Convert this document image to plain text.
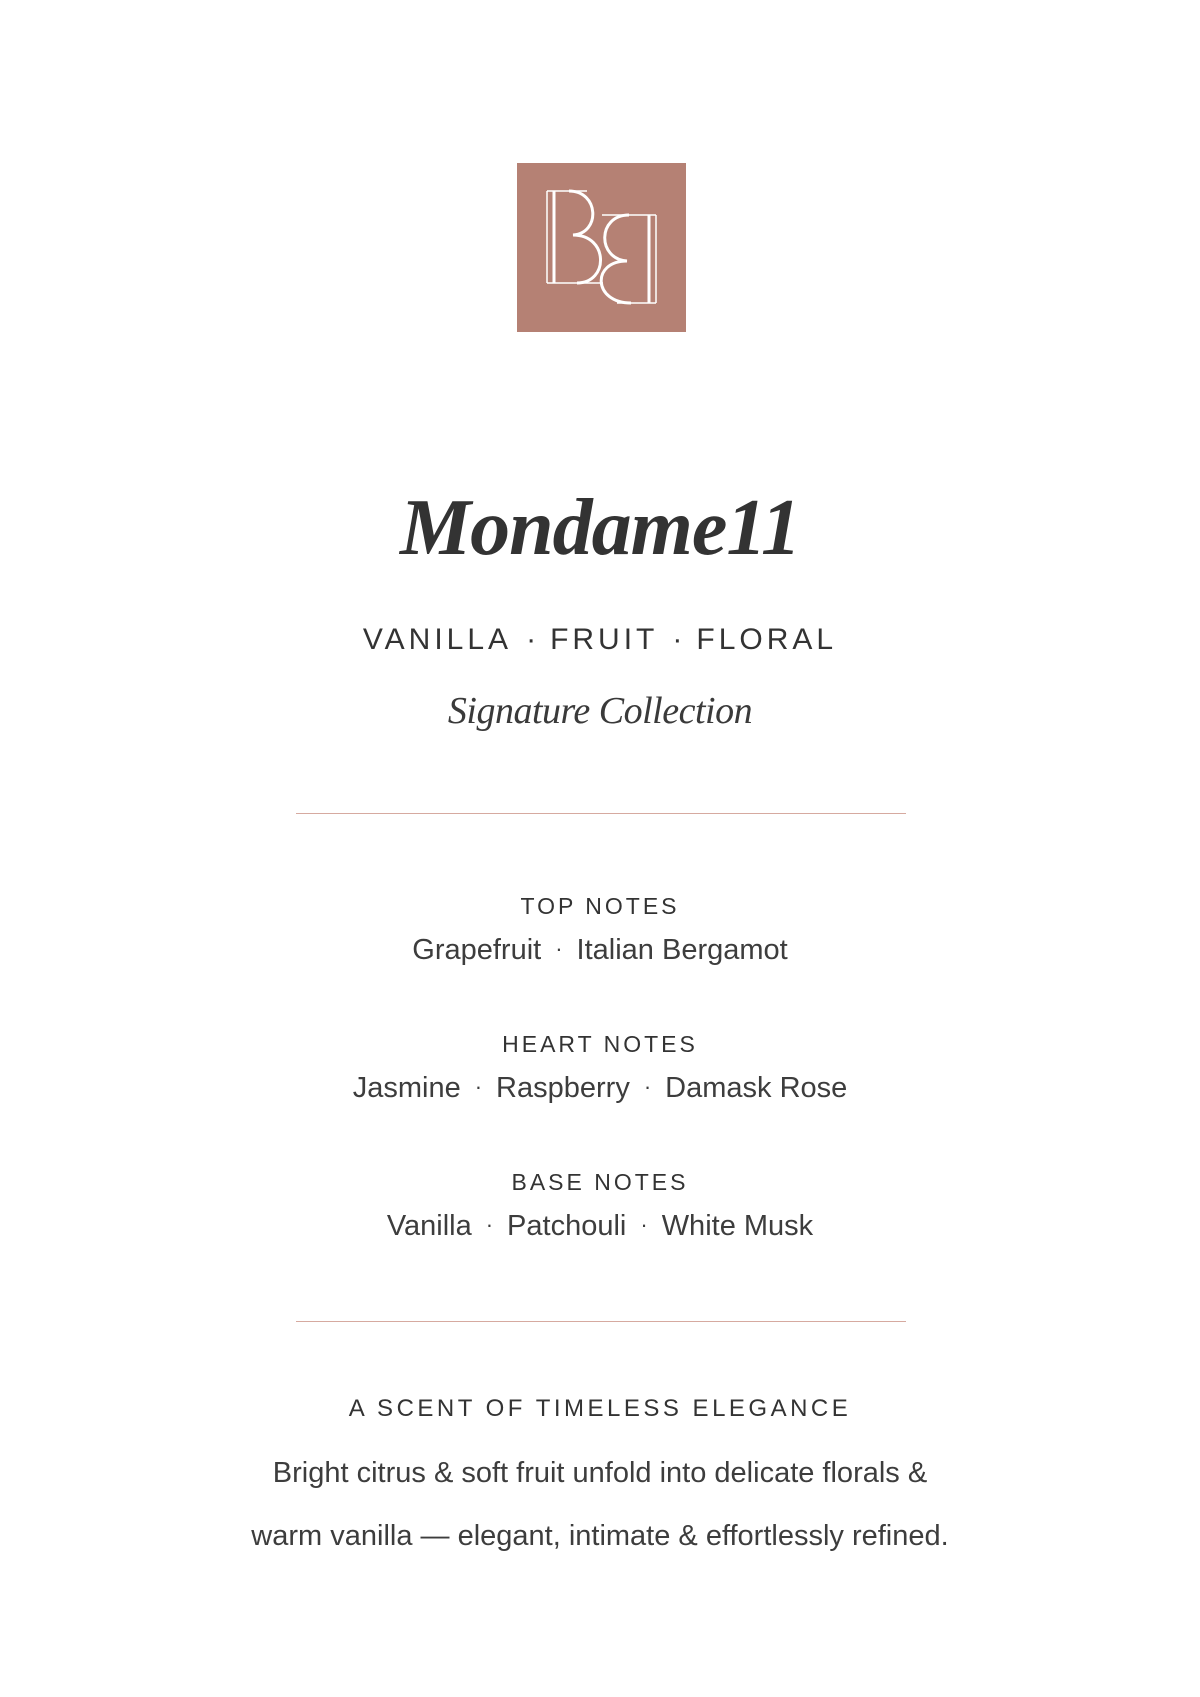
Mondame11
VANILLA · FRUIT · FLORAL
Signature Collection
TOP NOTES
Grapefruit · Italian Bergamot
HEART NOTES
Jasmine · Raspberry · Damask Rose
BASE NOTES
Vanilla · Patchouli · White Musk
A SCENT OF TIMELESS ELEGANCE
Bright citrus & soft fruit unfold into delicate florals &
warm vanilla — elegant, intimate & effortlessly refined.
